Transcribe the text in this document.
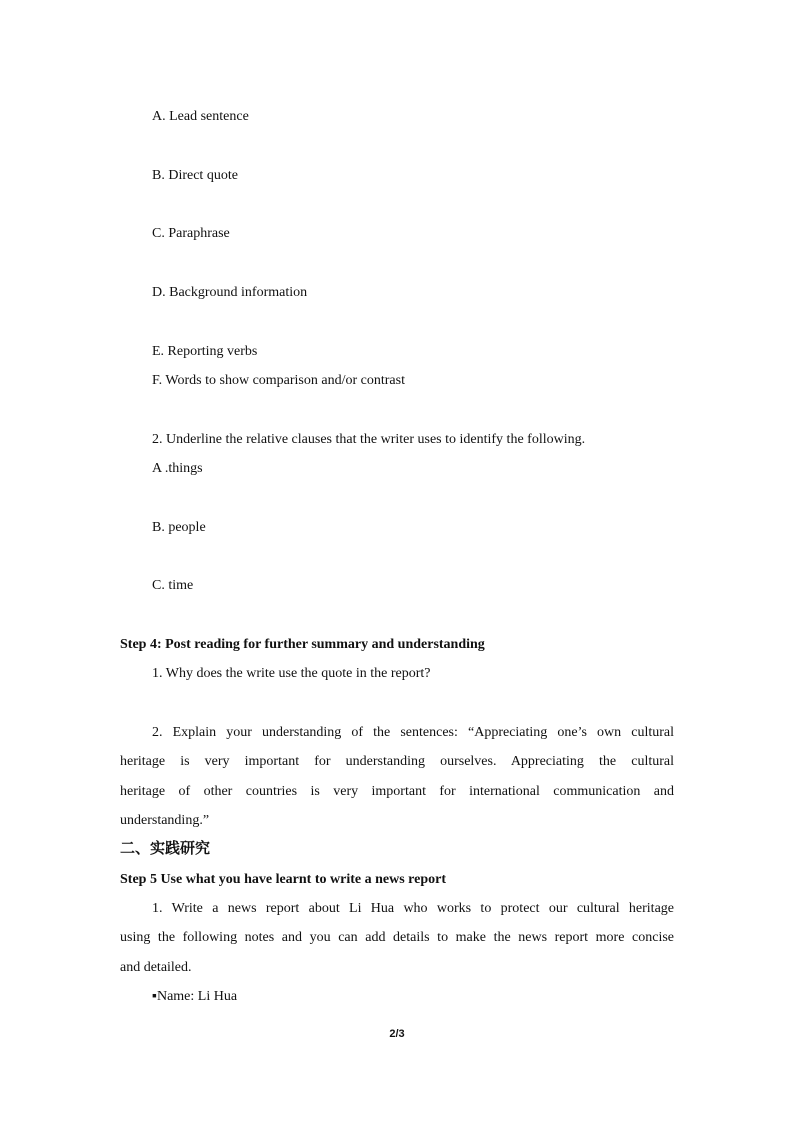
A. Lead sentence
B. Direct quote
C. Paraphrase
D. Background information
E. Reporting verbs
F. Words to show comparison and/or contrast
2. Underline the relative clauses that the writer uses to identify the following.
A .things
B. people
C. time
Step 4: Post reading for further summary and understanding
1. Why does the write use the quote in the report?
2. Explain your understanding of the sentences: “Appreciating one’s own cultural
heritage is very important for understanding ourselves. Appreciating the cultural
heritage of other countries is very important for international communication and
understanding.”
二、实践研究
Step 5 Use what you have learnt to write a news report
1. Write a news report about Li Hua who works to protect our cultural heritage
using the following notes and you can add details to make the news report more concise
and detailed.
▪Name: Li Hua
2/3
